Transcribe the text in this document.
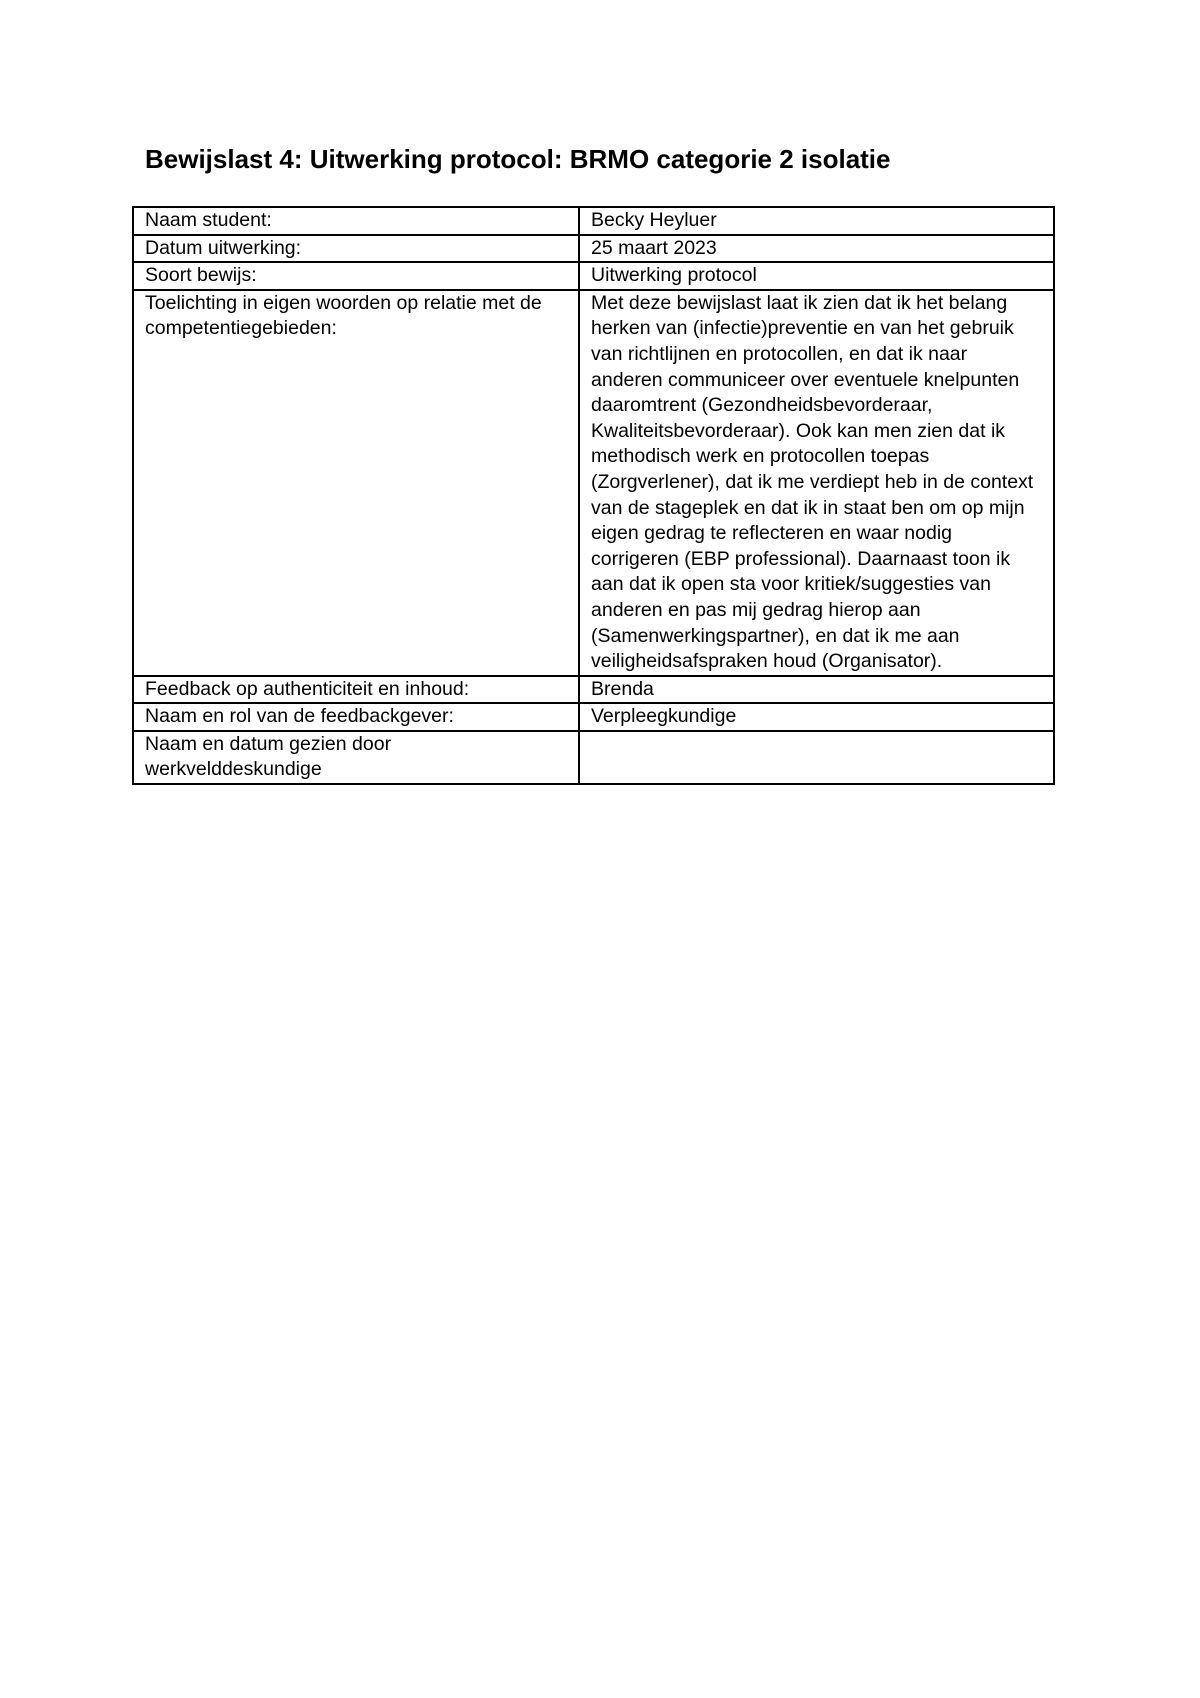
Bewijslast 4: Uitwerking protocol: BRMO categorie 2 isolatie
Naam student:	Becky Heyluer
Datum uitwerking:	25 maart 2023
Soort bewijs:	Uitwerking protocol
Toelichting in eigen woorden op relatie met de competentiegebieden:	Met deze bewijslast laat ik zien dat ik het belang herken van (infectie)preventie en van het gebruik van richtlijnen en protocollen, en dat ik naar anderen communiceer over eventuele knelpunten daaromtrent (Gezondheidsbevorderaar, Kwaliteitsbevorderaar). Ook kan men zien dat ik methodisch werk en protocollen toepas (Zorgverlener), dat ik me verdiept heb in de context van de stageplek en dat ik in staat ben om op mijn eigen gedrag te reflecteren en waar nodig corrigeren (EBP professional). Daarnaast toon ik aan dat ik open sta voor kritiek/suggesties van anderen en pas mij gedrag hierop aan (Samenwerkingspartner), en dat ik me aan veiligheidsafspraken houd (Organisator).
Feedback op authenticiteit en inhoud:	Brenda
Naam en rol van de feedbackgever:	Verpleegkundige
Naam en datum gezien door werkvelddeskundige	
